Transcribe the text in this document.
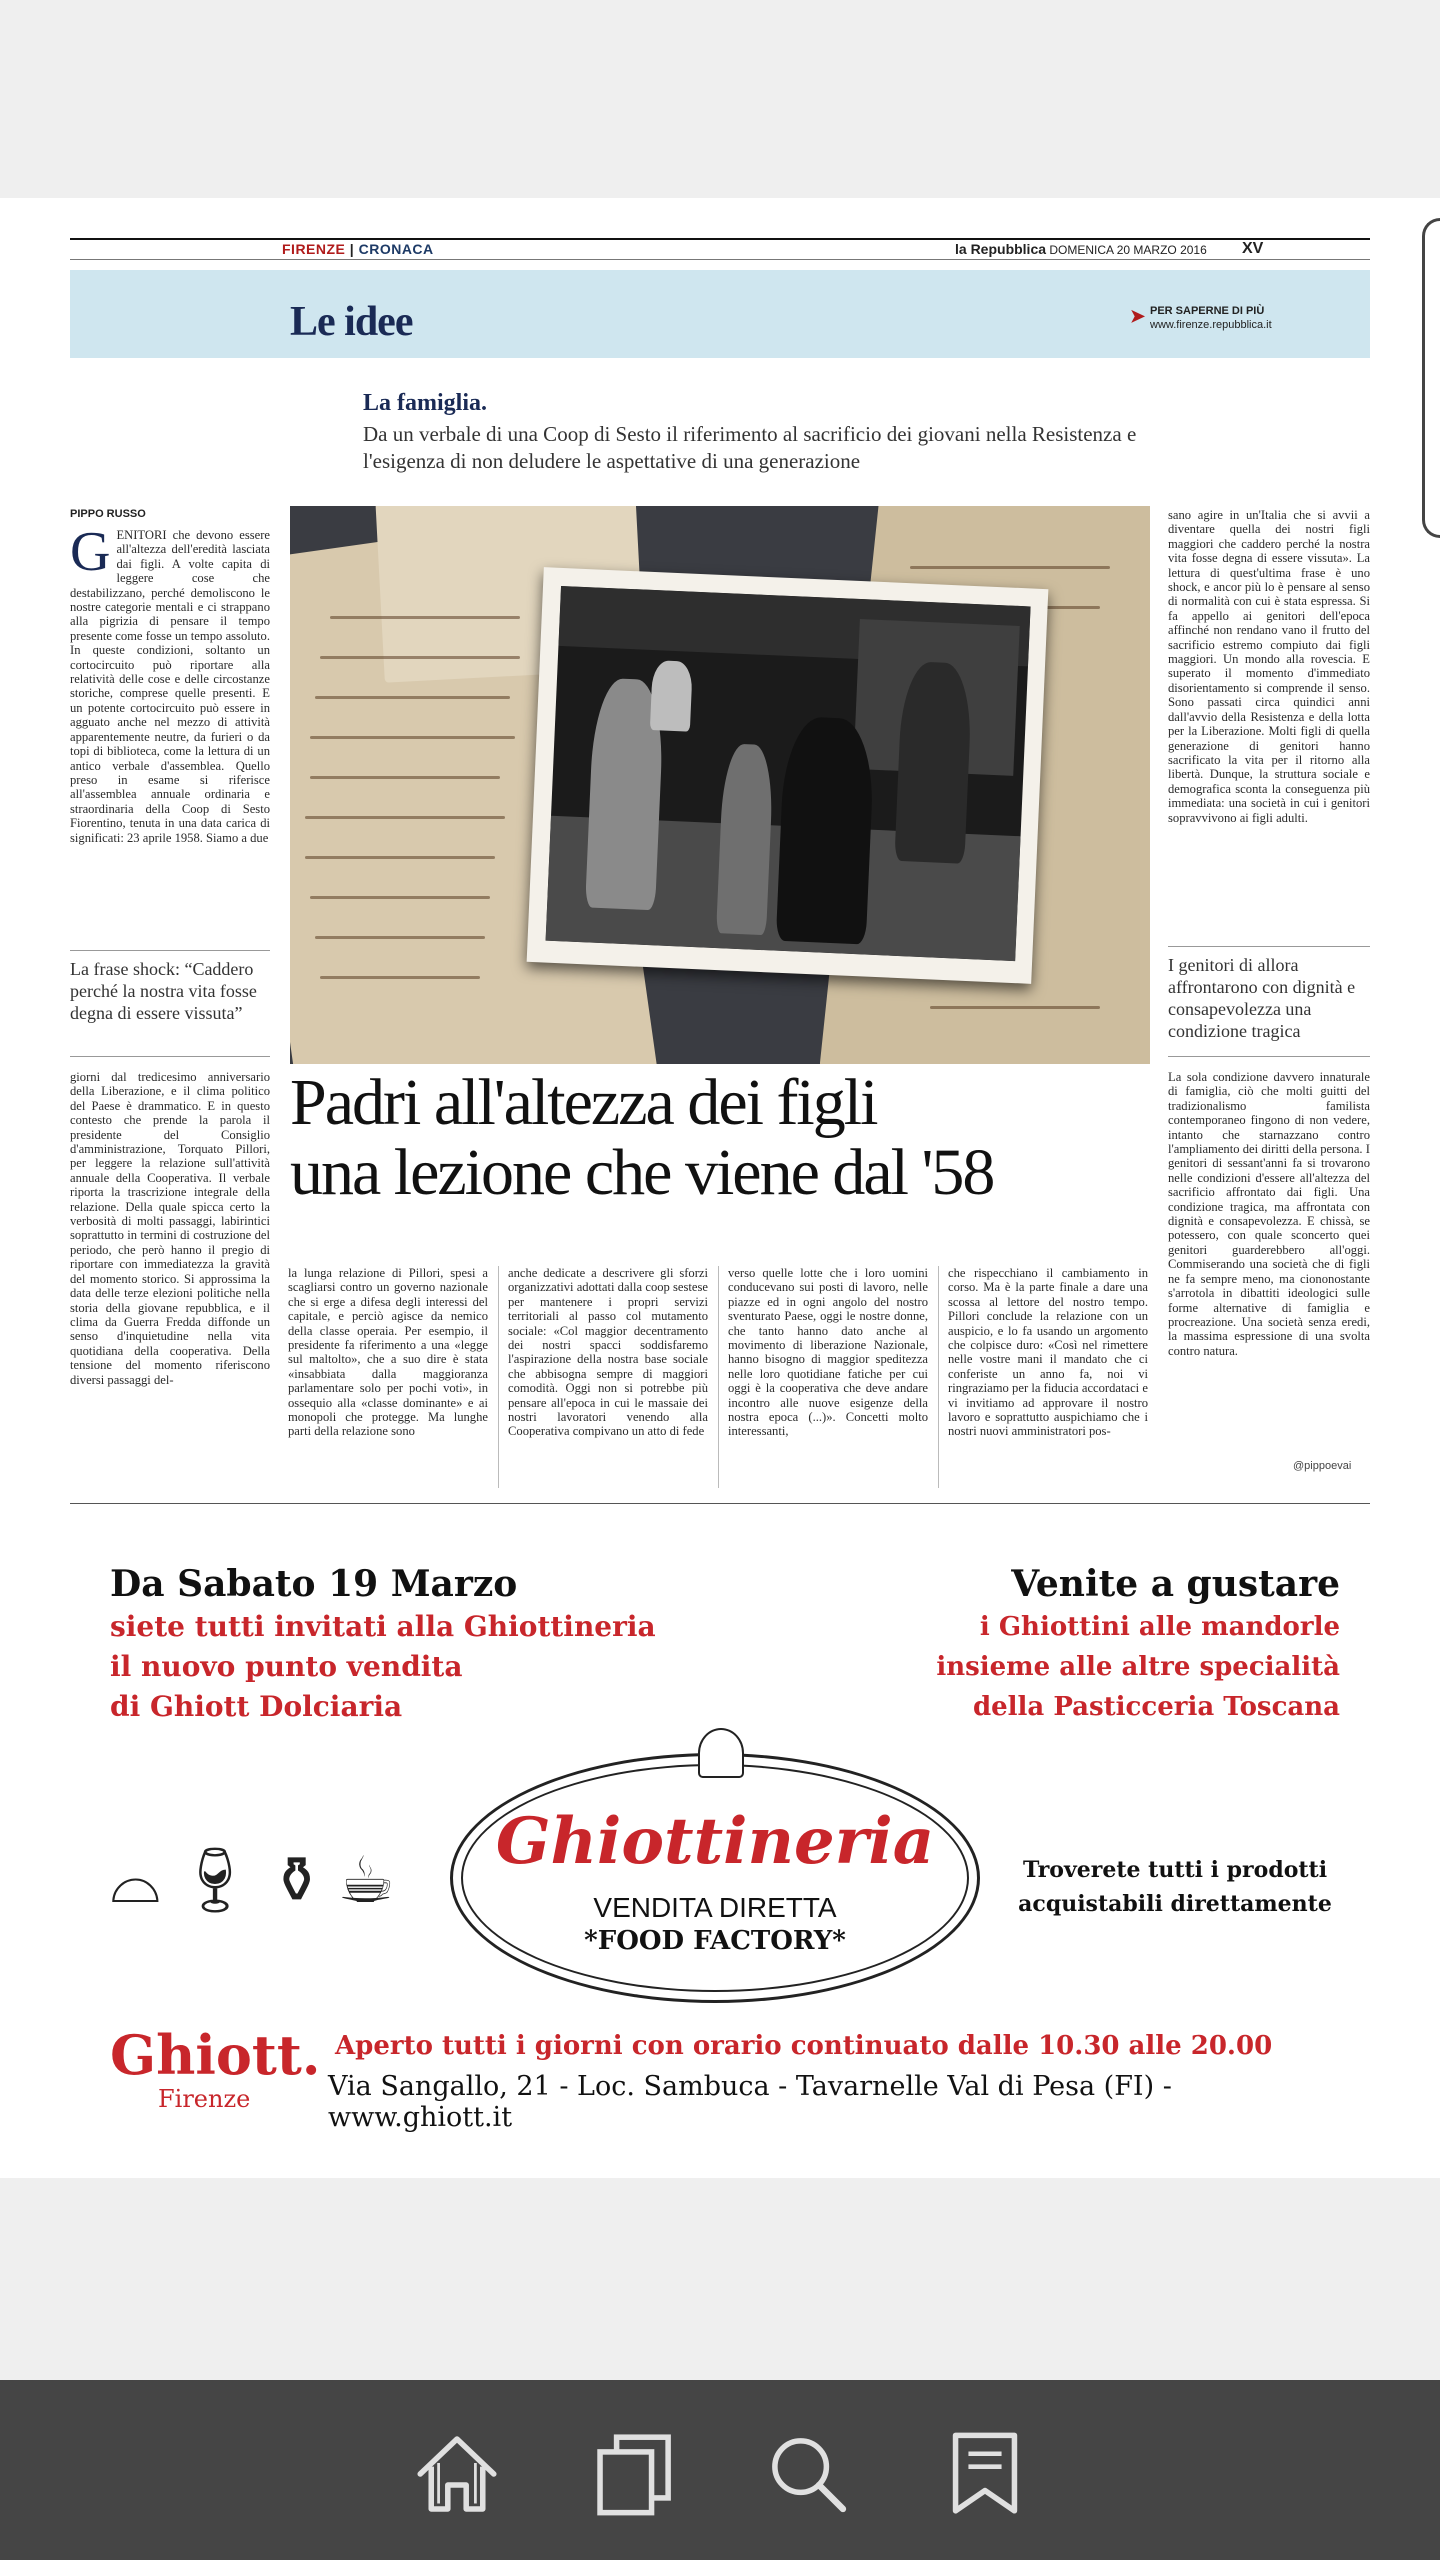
FIRENZE | CRONACA	la Repubblica DOMENICA 20 MARZO 2016 XV
Le idee	➤ PER SAPERNE DI PIÙ
www.firenze.repubblica.it
La famiglia.
Da un verbale di una Coop di Sesto il riferimento al sacrificio dei giovani nella Resistenza e l'esigenza di non deludere le aspettative di una generazione
PIPPO RUSSO
G ENITORI che devono essere all'altezza dell'eredità lasciata dai figli. A volte capita di leggere cose che destabilizzano, perché demoliscono le nostre categorie mentali e ci strappano alla pigrizia di pensare il tempo presente come fosse un tempo assoluto. In queste condizioni, soltanto un cortocircuito può riportare alla relatività delle cose e delle circostanze storiche, comprese quelle presenti. E un potente cortocircuito può essere in agguato anche nel mezzo di attività apparentemente neutre, da furieri o da topi di biblioteca, come la lettura di un antico verbale d'assemblea. Quello preso in esame si riferisce all'assemblea annuale ordinaria e straordinaria della Coop di Sesto Fiorentino, tenuta in una data carica di significati: 23 aprile 1958. Siamo a due
La frase shock: “Caddero perché la nostra vita fosse degna di essere vissuta”
giorni dal tredicesimo anniversario della Liberazione, e il clima politico del Paese è drammatico. E in questo contesto che prende la parola il presidente del Consiglio d'amministrazione, Torquato Pillori, per leggere la relazione sull'attività annuale della Cooperativa. Il verbale riporta la trascrizione integrale della relazione. Della quale spicca certo la verbosità di molti passaggi, labirintici soprattutto in termini di costruzione del periodo, che però hanno il pregio di riportare con immediatezza la gravità del momento storico. Si approssima la data delle terze elezioni politiche nella storia della giovane repubblica, e il clima da Guerra Fredda diffonde un senso d'inquietudine nella vita quotidiana della cooperativa. Della tensione del momento riferiscono diversi passaggi del-
Padri all'altezza dei figli
una lezione che viene dal '58
la lunga relazione di Pillori, spesi a scagliarsi contro un governo nazionale che si erge a difesa degli interessi del capitale, e perciò agisce da nemico della classe operaia. Per esempio, il presidente fa riferimento a una «legge sul maltolto», che a suo dire è stata «insabbiata dalla maggioranza parlamentare solo per pochi voti», in ossequio alla «classe dominante» e ai monopoli che protegge. Ma lunghe parti della relazione sono
anche dedicate a descrivere gli sforzi organizzativi adottati dalla coop sestese per mantenere i propri servizi territoriali al passo col mutamento sociale: «Col maggior decentramento dei nostri spacci soddisfaremo l'aspirazione della nostra base sociale che abbisogna sempre di maggiori comodità. Oggi non si potrebbe più pensare all'epoca in cui le massaie dei nostri lavoratori venendo alla Cooperativa compivano un atto di fede
verso quelle lotte che i loro uomini conducevano sui posti di lavoro, nelle piazze ed in ogni angolo del nostro sventurato Paese, oggi le nostre donne, che tanto hanno dato anche al movimento di liberazione Nazionale, hanno bisogno di maggior speditezza nelle loro quotidiane fatiche per cui oggi è la cooperativa che deve andare incontro alle nuove esigenze della nostra epoca (...)». Concetti molto interessanti,
che rispecchiano il cambiamento in corso. Ma è la parte finale a dare una scossa al lettore del nostro tempo. Pillori conclude la relazione con un auspicio, e lo fa usando un argomento che colpisce duro: «Così nel rimettere nelle vostre mani il mandato che ci conferiste un anno fa, noi vi ringraziamo per la fiducia accordataci e vi invitiamo ad approvare il nostro lavoro e soprattutto auspichiamo che i nostri nuovi amministratori pos-
sano agire in un'Italia che si avvii a diventare quella dei nostri figli maggiori che caddero perché la nostra vita fosse degna di essere vissuta». La lettura di quest'ultima frase è uno shock, e ancor più lo è pensare al senso di normalità con cui è stata espressa. Si fa appello ai genitori dell'epoca affinché non rendano vano il frutto del sacrificio estremo compiuto dai figli maggiori. Un mondo alla rovescia. E superato il momento d'immediato disorientamento si comprende il senso. Sono passati circa quindici anni dall'avvio della Resistenza e della lotta per la Liberazione. Molti figli di quella generazione di genitori hanno sacrificato la vita per il ritorno alla libertà. Dunque, la struttura sociale e demografica sconta la conseguenza più immediata: una società in cui i genitori sopravvivono ai figli adulti.
I genitori di allora affrontarono con dignità e consapevolezza una condizione tragica
La sola condizione davvero innaturale di famiglia, ciò che molti guitti del tradizionalismo familista contemporaneo fingono di non vedere, intanto che starnazzano contro l'ampliamento dei diritti della persona. I genitori di sessant'anni fa si trovarono nelle condizioni d'essere all'altezza del sacrificio affrontato dai figli. Una condizione tragica, ma affrontata con dignità e consapevolezza. E chissà, se potessero, con quale sconcerto quei genitori guarderebbero all'oggi. Commiserando una società che di figli ne fa sempre meno, ma ciononostante s'arrotola in dibattiti ideologici sulle forme alternative di famiglia e procreazione. Una società senza eredi, la massima espressione di una svolta contro natura.
@pippoevai
Da Sabato 19 Marzo
siete tutti invitati alla Ghiottineria
il nuovo punto vendita
di Ghiott Dolciaria
Venite a gustare
i Ghiottini alle mandorle
insieme alle altre specialità
della Pasticceria Toscana
Ghiottineria
VENDITA DIRETTA
*FOOD FACTORY*
⌓🍷︎⚱☕︎	Troverete tutti i prodotti
acquistabili direttamente
Ghiott.
Firenze
Aperto tutti i giorni con orario continuato dalle 10.30 alle 20.00
Via Sangallo, 21 - Loc. Sambuca - Tavarnelle Val di Pesa (FI) - www.ghiott.it
